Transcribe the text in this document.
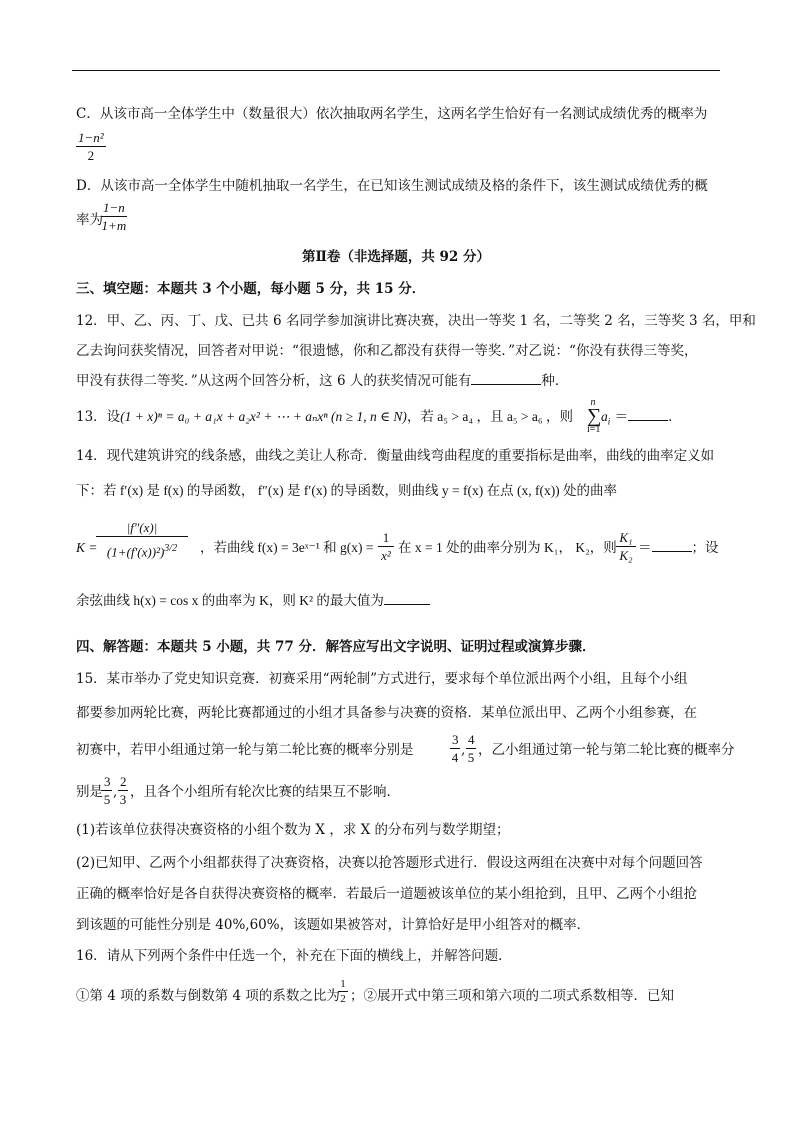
C．从该市高一全体学生中（数量很大）依次抽取两名学生，这两名学生恰好有一名测试成绩优秀的概率为
$\frac{\text{1−n²}}{2}$
D．从该市高一全体学生中随机抽取一名学生，在已知该生测试成绩及格的条件下，该生测试成绩优秀的概
率为
$\frac{1-n}{1+m}$
第Ⅱ卷（非选择题，共 92 分）
三、填空题：本题共 3 个小题，每小题 5 分，共 15 分．
12．甲、乙、丙、丁、戊、已共 6 名同学参加演讲比赛决赛，决出一等奖 1 名，二等奖 2 名，三等奖 3 名，甲和
乙去询问获奖情况，回答者对甲说：“很遗憾，你和乙都没有获得一等奖．”对乙说：“你没有获得三等奖，
甲没有获得二等奖．”从这两个回答分析，这 6 人的获奖情况可能有	种．
13．设(1 + x)ⁿ = a₀ + a₁x + a₂x² + ⋯ + aₙxⁿ (n ≥ 1, n ∈ N)，若 a₅ > a₄ ，且 a₅ > a₆ ，则
n
∑
i=1
$a_i$ ＝	．
14．现代建筑讲究的线条感，曲线之美让人称奇．衡量曲线弯曲程度的重要指标是曲率，曲线的曲率定义如
下：若 f′(x) 是 f(x) 的导函数， f″(x) 是 f′(x) 的导函数，则曲线 y = f(x) 在点 (x, f(x)) 处的曲率
K =
$\frac{|f''(x)|}{(1+(f'(x))^2)^{3/2}}$ ，若曲线 f(x) = 3eˣ⁻¹ 和 $g(x) = \frac{1}{\text{x²}}$ 在 x = 1 处的曲率分别为 K₁， K₂，则 $\frac{\text{K₁}}{\text{K₂}}$ ＝	；设
余弦曲线 h(x) = cos x 的曲率为 K，则 K² 的最大值为
四、解答题：本题共 5 小题，共 77 分．解答应写出文字说明、证明过程或演算步骤．
15．某市举办了党史知识竞赛．初赛采用“两轮制”方式进行，要求每个单位派出两个小组，且每个小组
都要参加两轮比赛，两轮比赛都通过的小组才具备参与决赛的资格．某单位派出甲、乙两个小组参赛，在
初赛中，若甲小组通过第一轮与第二轮比赛的概率分别是	$\frac{3}{4}$ , $\frac{4}{5}$ ，乙小组通过第一轮与第二轮比赛的概率分
别是 $\frac{3}{5}$ , $\frac{2}{3}$ ，且各个小组所有轮次比赛的结果互不影响．
(1)若该单位获得决赛资格的小组个数为 X ，求 X 的分布列与数学期望；
(2)已知甲、乙两个小组都获得了决赛资格，决赛以抢答题形式进行．假设这两组在决赛中对每个问题回答
正确的概率恰好是各自获得决赛资格的概率．若最后一道题被该单位的某小组抢到，且甲、乙两个小组抢
到该题的可能性分别是 40%,60%，该题如果被答对，计算恰好是甲小组答对的概率．
16．请从下列两个条件中任选一个，补充在下面的横线上，并解答问题．
①第 4 项的系数与倒数第 4 项的系数之比为
$\frac{1}{2}$ ；②展开式中第三项和第六项的二项式系数相等．已知
